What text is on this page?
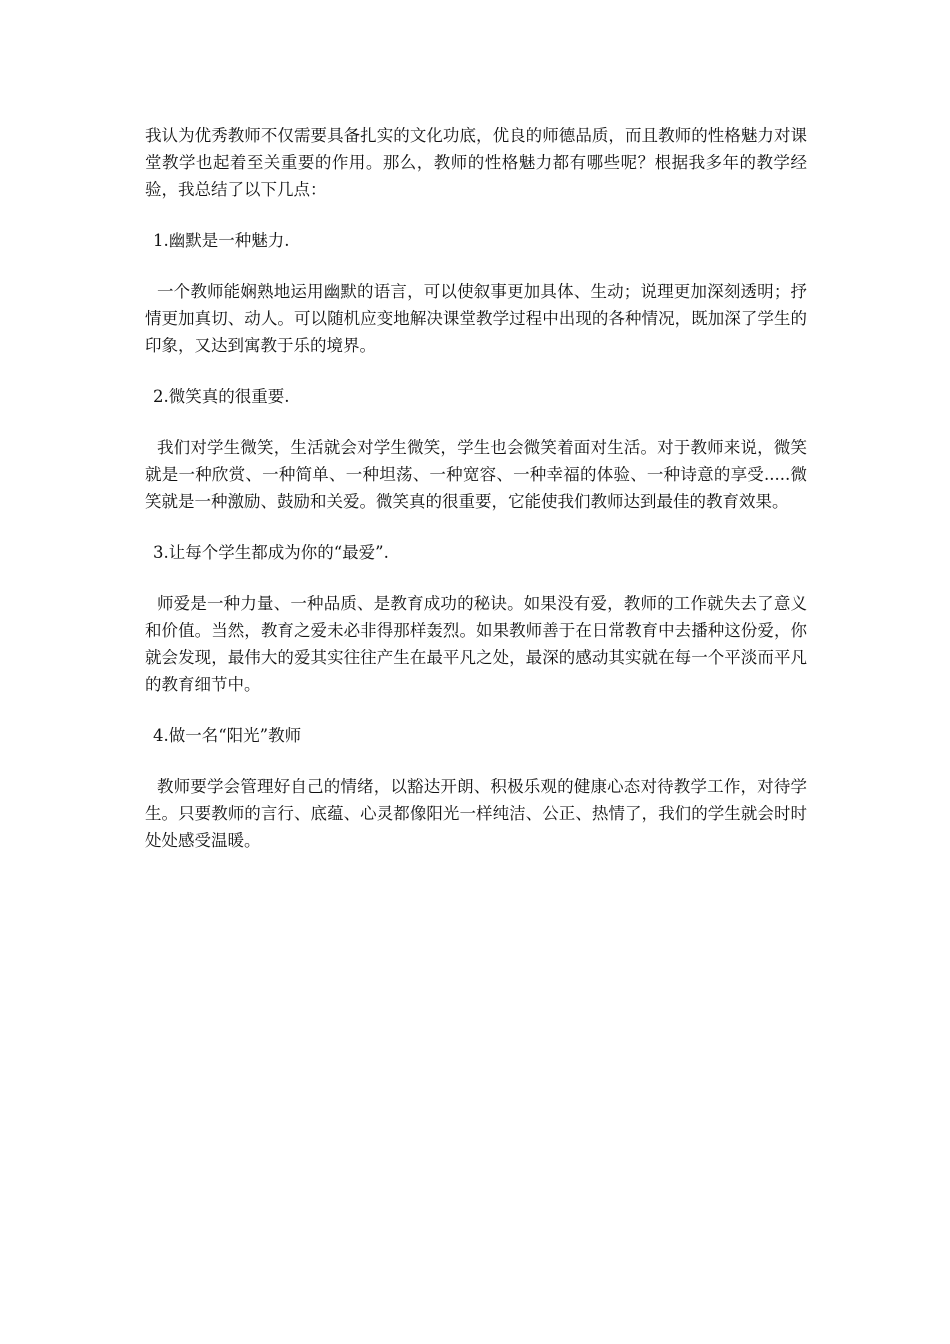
我认为优秀教师不仅需要具备扎实的文化功底，优良的师德品质，而且教师的性格魅力对课堂教学也起着至关重要的作用。那么，教师的性格魅力都有哪些呢？根据我多年的教学经验，我总结了以下几点：

1.幽默是一种魅力.

一个教师能娴熟地运用幽默的语言，可以使叙事更加具体、生动；说理更加深刻透明；抒情更加真切、动人。可以随机应变地解决课堂教学过程中出现的各种情况，既加深了学生的印象，又达到寓教于乐的境界。

2.微笑真的很重要.

我们对学生微笑，生活就会对学生微笑，学生也会微笑着面对生活。对于教师来说，微笑就是一种欣赏、一种简单、一种坦荡、一种宽容、一种幸福的体验、一种诗意的享受.....微笑就是一种激励、鼓励和关爱。微笑真的很重要，它能使我们教师达到最佳的教育效果。

3.让每个学生都成为你的“最爱”.

师爱是一种力量、一种品质、是教育成功的秘诀。如果没有爱，教师的工作就失去了意义和价值。当然，教育之爱未必非得那样轰烈。如果教师善于在日常教育中去播种这份爱，你就会发现，最伟大的爱其实往往产生在最平凡之处，最深的感动其实就在每一个平淡而平凡的教育细节中。

4.做一名“阳光”教师

教师要学会管理好自己的情绪，以豁达开朗、积极乐观的健康心态对待教学工作，对待学生。只要教师的言行、底蕴、心灵都像阳光一样纯洁、公正、热情了，我们的学生就会时时处处感受温暖。
